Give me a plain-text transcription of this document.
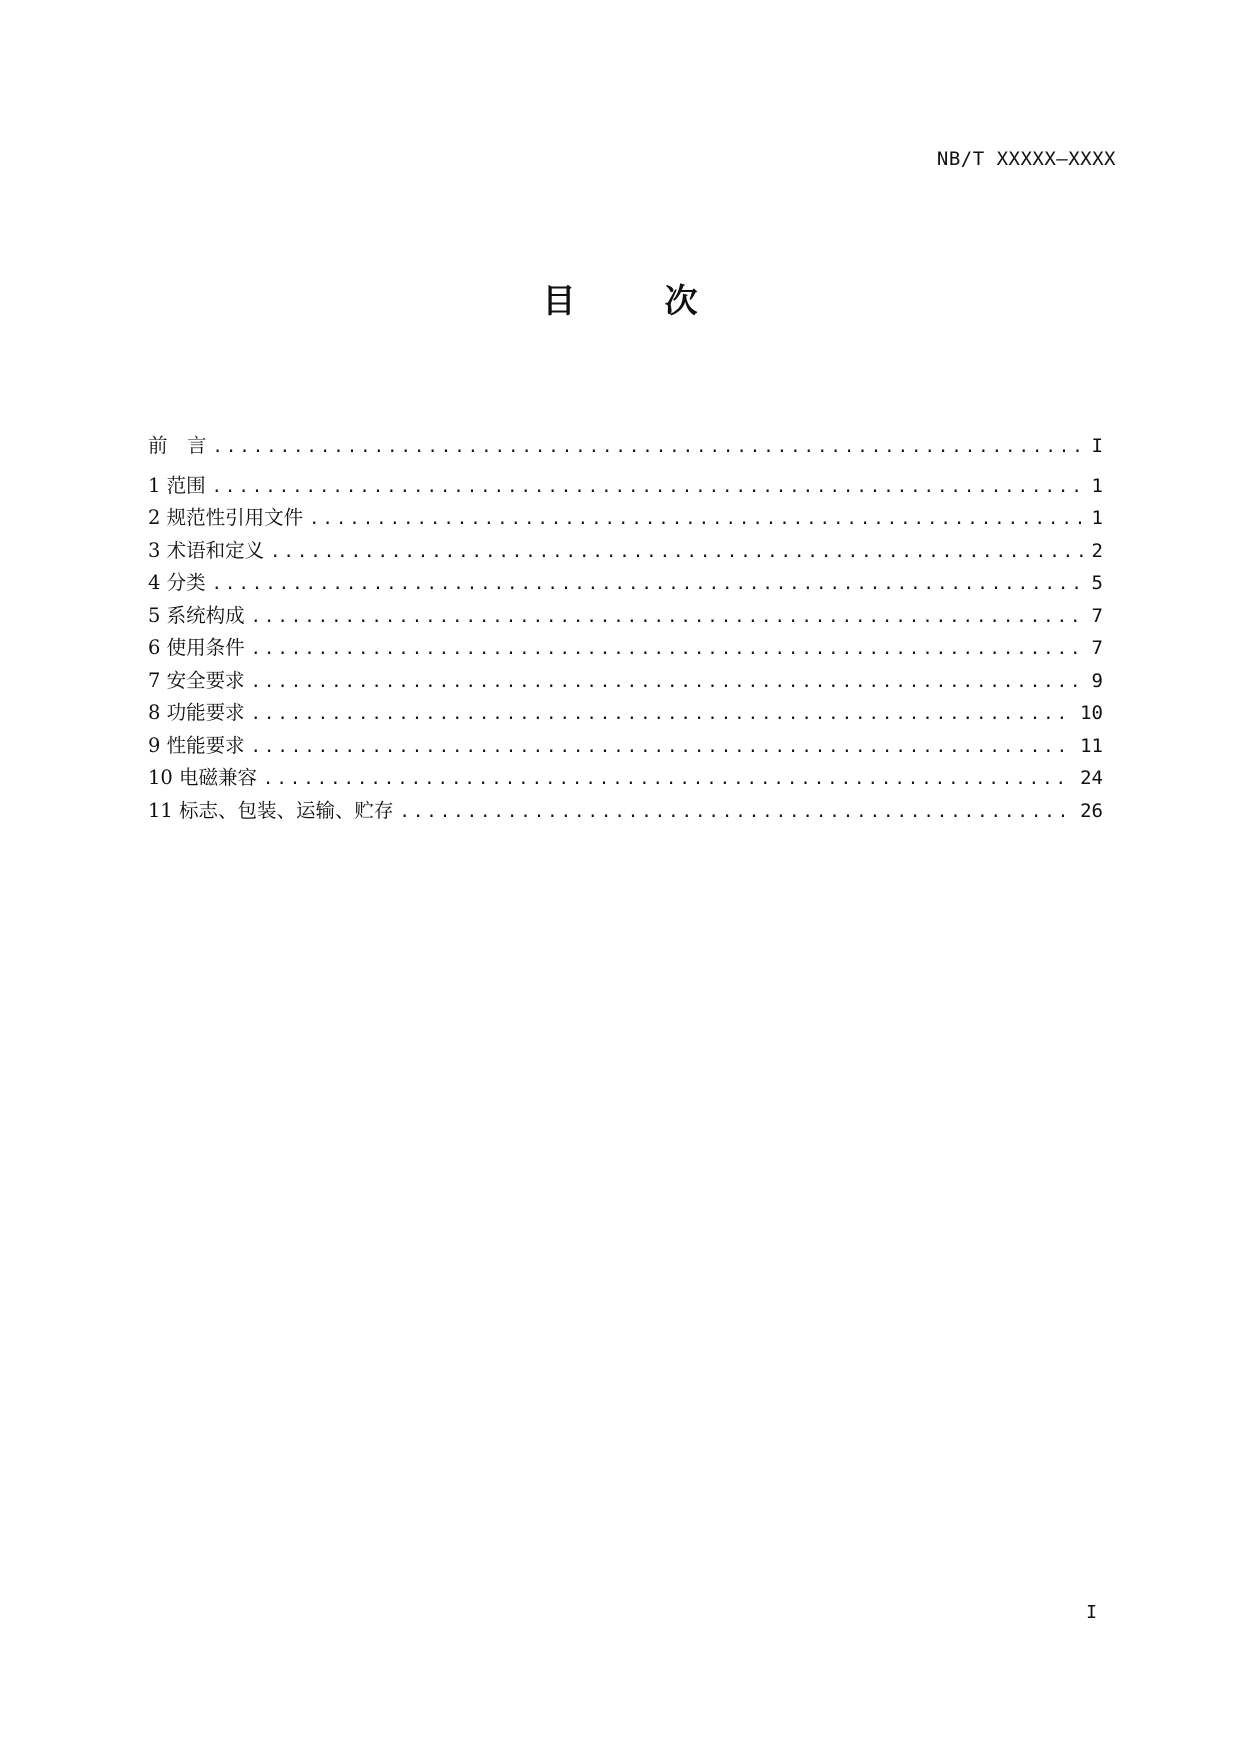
NB/T XXXXX—XXXX
目　次
前　言 .....	I
1 范围 .....	1
2 规范性引用文件 .....	1
3 术语和定义 .....	2
4 分类 .....	5
5 系统构成 .....	7
6 使用条件 .....	7
7 安全要求 .....	9
8 功能要求 .....	10
9 性能要求 .....	11
10 电磁兼容 .....	24
11 标志、包装、运输、贮存 .....	26
I
